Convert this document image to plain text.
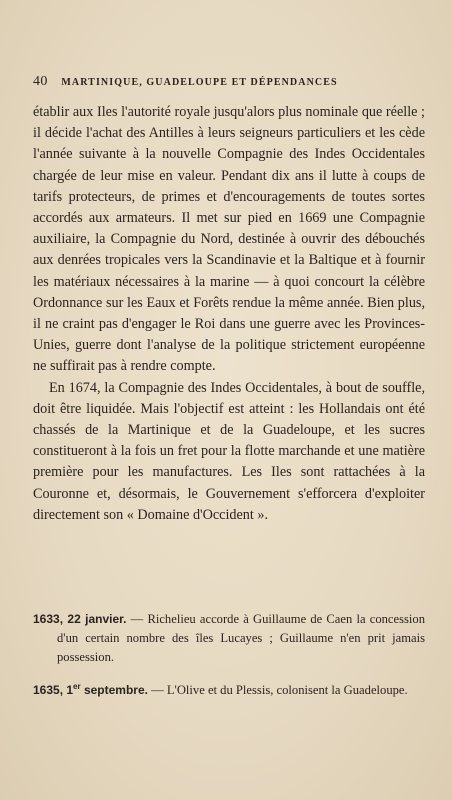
40 MARTINIQUE, GUADELOUPE ET DÉPENDANCES

établir aux Iles l'autorité royale jusqu'alors plus nominale que réelle ; il décide l'achat des Antilles à leurs seigneurs particuliers et les cède l'année suivante à la nouvelle Compagnie des Indes Occidentales chargée de leur mise en valeur. Pendant dix ans il lutte à coups de tarifs protecteurs, de primes et d'encouragements de toutes sortes accordés aux armateurs. Il met sur pied en 1669 une Compagnie auxiliaire, la Compagnie du Nord, destinée à ouvrir des débouchés aux denrées tropicales vers la Scandinavie et la Baltique et à fournir les matériaux nécessaires à la marine — à quoi concourt la célèbre Ordonnance sur les Eaux et Forêts rendue la même année. Bien plus, il ne craint pas d'engager le Roi dans une guerre avec les Provinces-Unies, guerre dont l'analyse de la politique strictement européenne ne suffirait pas à rendre compte.

En 1674, la Compagnie des Indes Occidentales, à bout de souffle, doit être liquidée. Mais l'objectif est atteint : les Hollandais ont été chassés de la Martinique et de la Guadeloupe, et les sucres constitueront à la fois un fret pour la flotte marchande et une matière première pour les manufactures. Les Iles sont rattachées à la Couronne et, désormais, le Gouvernement s'efforcera d'exploiter directement son « Domaine d'Occident ».

1633, 22 janvier. — Richelieu accorde à Guillaume de Caen la concession d'un certain nombre des îles Lucayes ; Guillaume n'en prit jamais possession.

1635, 1er septembre. — L'Olive et du Plessis, colonisent la Guadeloupe.
